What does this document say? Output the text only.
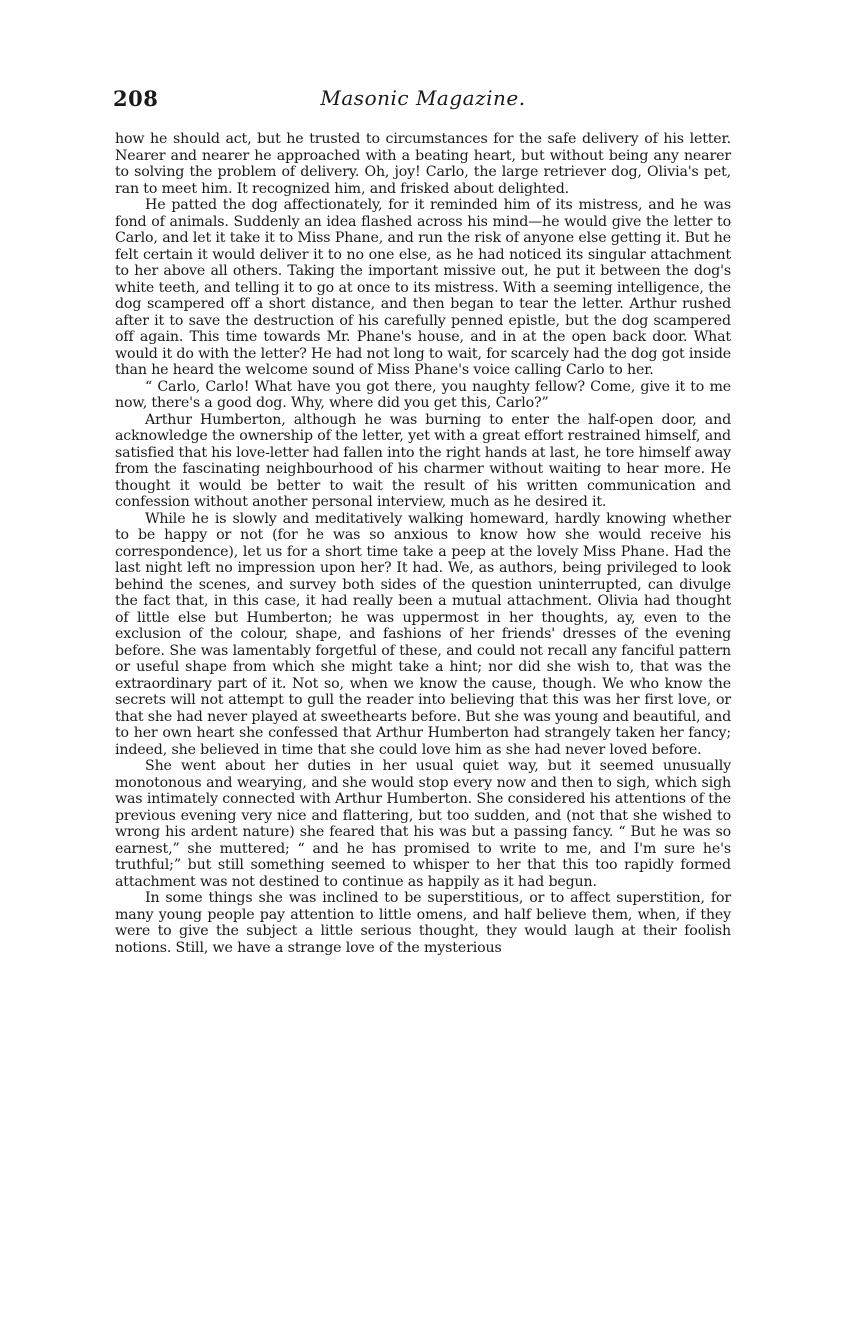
208	Masonic Magazine.

how he should act, but he trusted to circumstances for the safe delivery of his letter. Nearer and nearer he approached with a beating heart, but without being any nearer to solving the problem of delivery. Oh, joy! Carlo, the large retriever dog, Olivia's pet, ran to meet him. It recognized him, and frisked about delighted.

He patted the dog affectionately, for it reminded him of its mistress, and he was fond of animals. Suddenly an idea flashed across his mind—he would give the letter to Carlo, and let it take it to Miss Phane, and run the risk of anyone else getting it. But he felt certain it would deliver it to no one else, as he had noticed its singular attachment to her above all others. Taking the important missive out, he put it between the dog's white teeth, and telling it to go at once to its mistress. With a seeming intelligence, the dog scampered off a short distance, and then began to tear the letter. Arthur rushed after it to save the destruction of his carefully penned epistle, but the dog scampered off again. This time towards Mr. Phane's house, and in at the open back door. What would it do with the letter? He had not long to wait, for scarcely had the dog got inside than he heard the welcome sound of Miss Phane's voice calling Carlo to her.

“ Carlo, Carlo! What have you got there, you naughty fellow? Come, give it to me now, there's a good dog. Why, where did you get this, Carlo?”

Arthur Humberton, although he was burning to enter the half-open door, and acknowledge the ownership of the letter, yet with a great effort restrained himself, and satisfied that his love-letter had fallen into the right hands at last, he tore himself away from the fascinating neighbourhood of his charmer without waiting to hear more. He thought it would be better to wait the result of his written communication and confession without another personal interview, much as he desired it.

While he is slowly and meditatively walking homeward, hardly knowing whether to be happy or not (for he was so anxious to know how she would receive his correspondence), let us for a short time take a peep at the lovely Miss Phane. Had the last night left no impression upon her? It had. We, as authors, being privileged to look behind the scenes, and survey both sides of the question uninterrupted, can divulge the fact that, in this case, it had really been a mutual attachment. Olivia had thought of little else but Humberton; he was uppermost in her thoughts, ay, even to the exclusion of the colour, shape, and fashions of her friends' dresses of the evening before. She was lamentably forgetful of these, and could not recall any fanciful pattern or useful shape from which she might take a hint; nor did she wish to, that was the extraordinary part of it. Not so, when we know the cause, though. We who know the secrets will not attempt to gull the reader into believing that this was her first love, or that she had never played at sweethearts before. But she was young and beautiful, and to her own heart she confessed that Arthur Humberton had strangely taken her fancy; indeed, she believed in time that she could love him as she had never loved before.

She went about her duties in her usual quiet way, but it seemed unusually monotonous and wearying, and she would stop every now and then to sigh, which sigh was intimately connected with Arthur Humberton. She considered his attentions of the previous evening very nice and flattering, but too sudden, and (not that she wished to wrong his ardent nature) she feared that his was but a passing fancy. “ But he was so earnest,” she muttered; “ and he has promised to write to me, and I'm sure he's truthful;” but still something seemed to whisper to her that this too rapidly formed attachment was not destined to continue as happily as it had begun.

In some things she was inclined to be superstitious, or to affect superstition, for many young people pay attention to little omens, and half believe them, when, if they were to give the subject a little serious thought, they would laugh at their foolish notions. Still, we have a strange love of the mysterious
